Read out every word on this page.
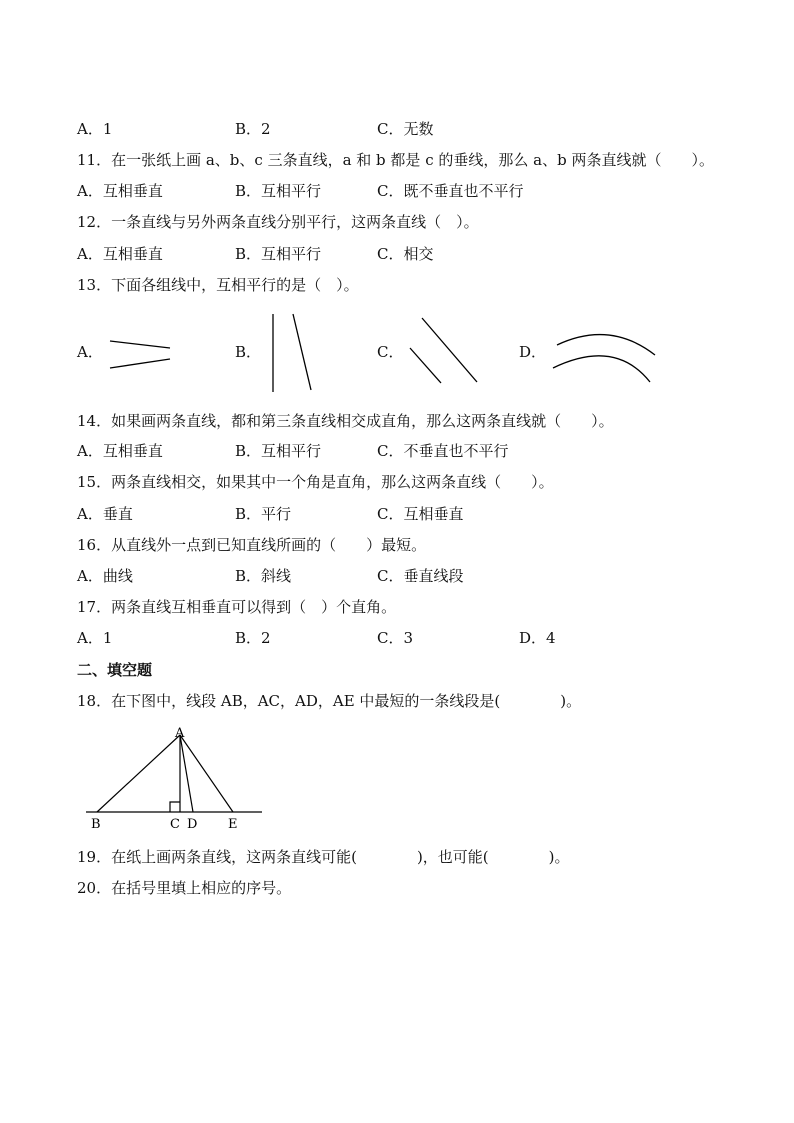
A．1	B．2	C．无数
11．在一张纸上画 a、b、c 三条直线，a 和 b 都是 c 的垂线，那么 a、b 两条直线就（　　）。
A．互相垂直	B．互相平行	C．既不垂直也不平行
12．一条直线与另外两条直线分别平行，这两条直线（　）。
A．互相垂直	B．互相平行	C．相交
13．下面各组线中，互相平行的是（　）。
A．	B．	C．	D．
14．如果画两条直线，都和第三条直线相交成直角，那么这两条直线就（　　）。
A．互相垂直	B．互相平行	C．不垂直也不平行
15．两条直线相交，如果其中一个角是直角，那么这两条直线（　　）。
A．垂直	B．平行	C．互相垂直
16．从直线外一点到已知直线所画的（　　）最短。
A．曲线	B．斜线	C．垂直线段
17．两条直线互相垂直可以得到（　）个直角。
A．1	B．2	C．3	D．4
二、填空题
18．在下图中，线段 AB，AC，AD，AE 中最短的一条线段是(　　　　)。
A
B	C D E
19．在纸上画两条直线，这两条直线可能(　　　　)，也可能(　　　　)。
20．在括号里填上相应的序号。
